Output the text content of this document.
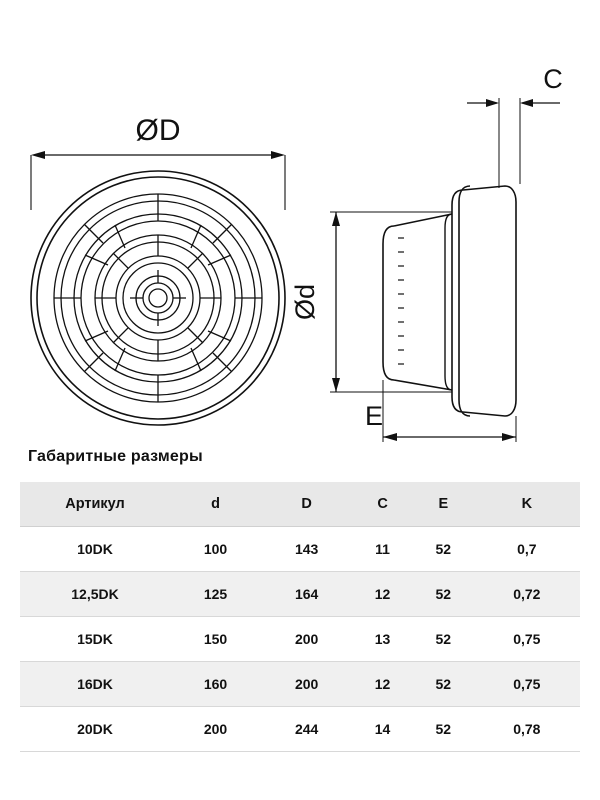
ØD
Ød
C
E
Габаритные размеры
Артикул	d	D	C	E	K
10DK	100	143	11	52	0,7
12,5DK	125	164	12	52	0,72
15DK	150	200	13	52	0,75
16DK	160	200	12	52	0,75
20DK	200	244	14	52	0,78
